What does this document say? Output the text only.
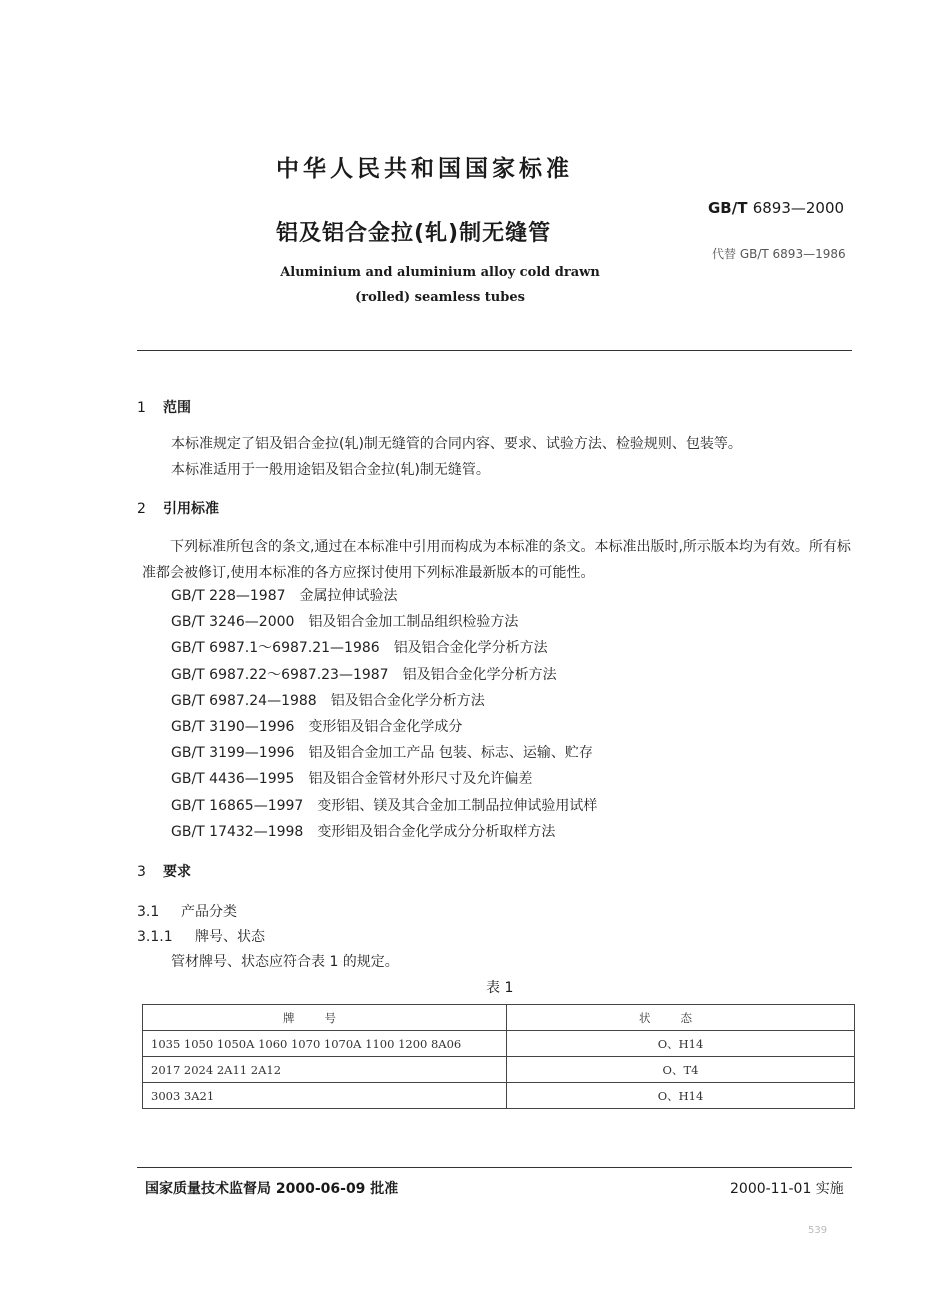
中华人民共和国国家标准
GB/T 6893—2000
代替 GB/T 6893—1986
铝及铝合金拉(轧)制无缝管
Aluminium and aluminium alloy cold drawn
(rolled) seamless tubes
1 范围
本标准规定了铝及铝合金拉(轧)制无缝管的合同内容、要求、试验方法、检验规则、包装等。
本标准适用于一般用途铝及铝合金拉(轧)制无缝管。
2 引用标准
下列标准所包含的条文,通过在本标准中引用而构成为本标准的条文。本标准出版时,所示版本均为有效。所有标准都会被修订,使用本标准的各方应探讨使用下列标准最新版本的可能性。
GB/T 228—1987 金属拉伸试验法
GB/T 3246—2000 铝及铝合金加工制品组织检验方法
GB/T 6987.1～6987.21—1986 铝及铝合金化学分析方法
GB/T 6987.22～6987.23—1987 铝及铝合金化学分析方法
GB/T 6987.24—1988 铝及铝合金化学分析方法
GB/T 3190—1996 变形铝及铝合金化学成分
GB/T 3199—1996 铝及铝合金加工产品 包装、标志、运输、贮存
GB/T 4436—1995 铝及铝合金管材外形尺寸及允许偏差
GB/T 16865—1997 变形铝、镁及其合金加工制品拉伸试验用试样
GB/T 17432—1998 变形铝及铝合金化学成分分析取样方法
3 要求
3.1 产品分类
3.1.1 牌号、状态
管材牌号、状态应符合表 1 的规定。
表 1
牌号	状态
1035 1050 1050A 1060 1070 1070A 1100 1200 8A06	O、H14
2017 2024 2A11 2A12	O、T4
3003 3A21	O、H14
国家质量技术监督局 2000-06-09 批准	2000-11-01 实施
539
